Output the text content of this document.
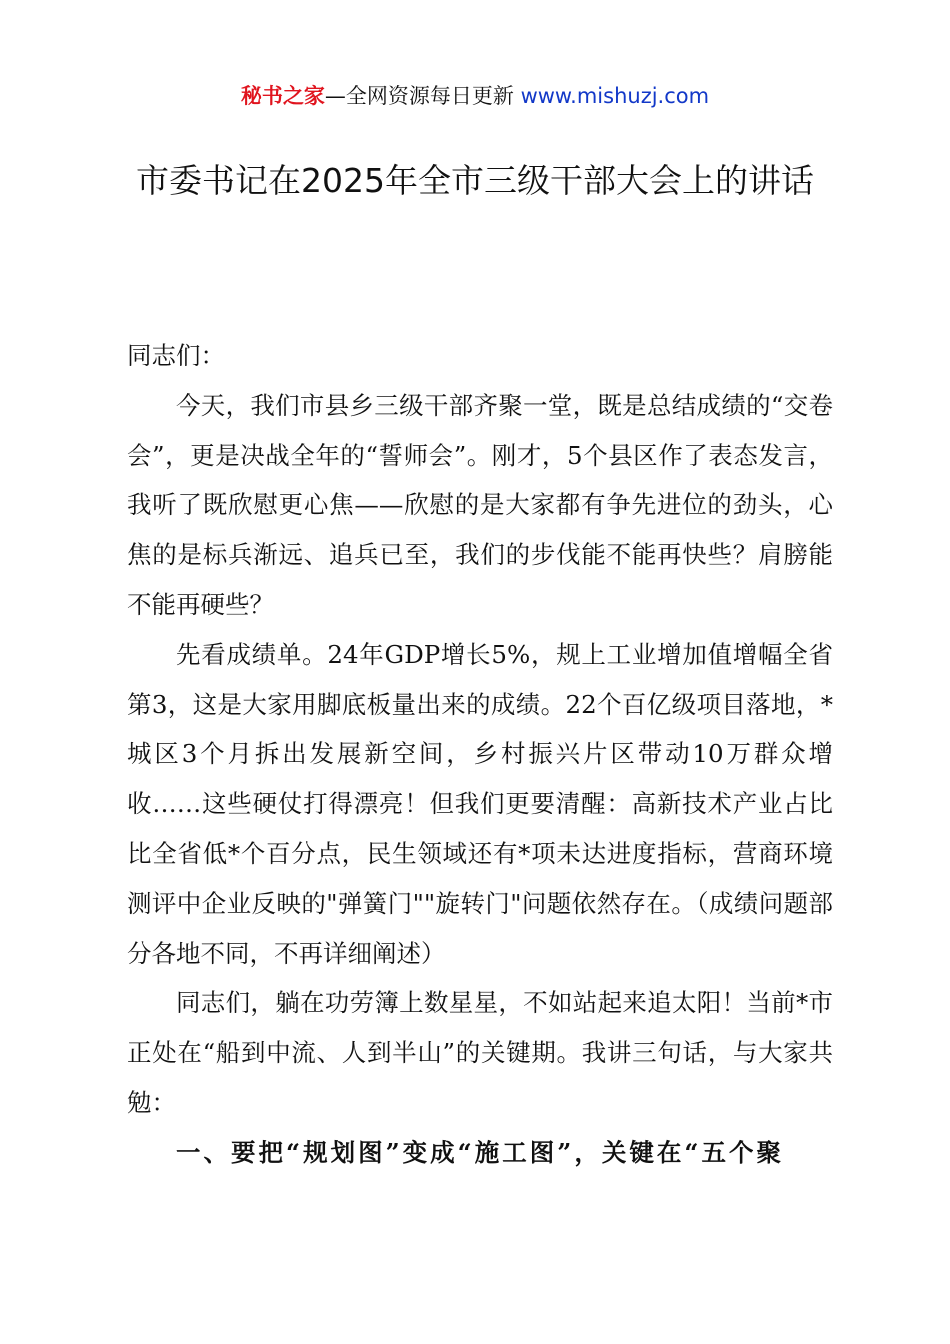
秘书之家—全网资源每日更新 www.mishuzj.com
市委书记在2025年全市三级干部大会上的讲话

同志们：

今天，我们市县乡三级干部齐聚一堂，既是总结成绩的“交卷会”，更是决战全年的“誓师会”。刚才，5个县区作了表态发言，我听了既欣慰更心焦——欣慰的是大家都有争先进位的劲头，心焦的是标兵渐远、追兵已至，我们的步伐能不能再快些？肩膀能不能再硬些？

先看成绩单。24年GDP增长5%，规上工业增加值增幅全省第3，这是大家用脚底板量出来的成绩。22个百亿级项目落地，*城区3个月拆出发展新空间，乡村振兴片区带动10万群众增收……这些硬仗打得漂亮！但我们更要清醒：高新技术产业占比比全省低*个百分点，民生领域还有*项未达进度指标，营商环境测评中企业反映的"弹簧门""旋转门"问题依然存在。（成绩问题部分各地不同，不再详细阐述）

同志们，躺在功劳簿上数星星，不如站起来追太阳！当前*市正处在“船到中流、人到半山”的关键期。我讲三句话，与大家共勉：

一、要把“规划图”变成“施工图”，关键在“五个聚
